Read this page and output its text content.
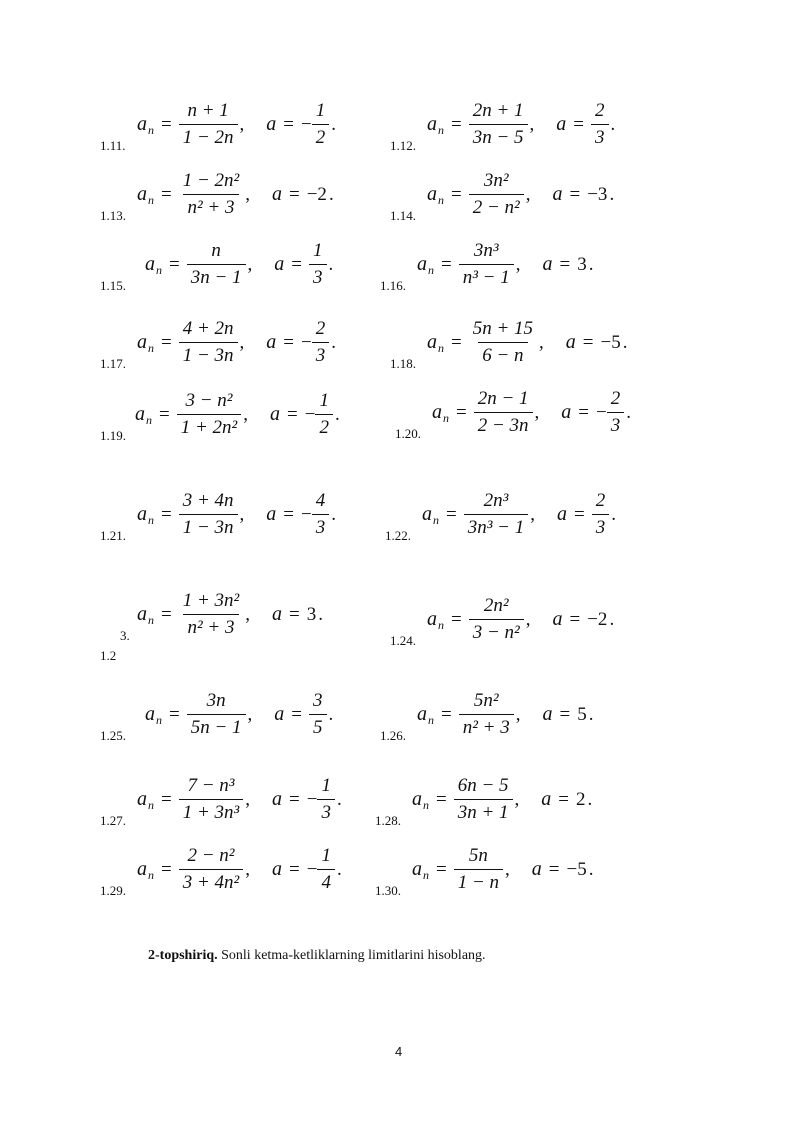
2-topshiriq. Sonli ketma-ketliklarning limitlarini hisoblang.
4
1.11.
a $n = \frac{n + 1}{1 - 2n}$ , a = − $\frac{1}{2}$ .
1.12.
a $n = \frac{2n + 1}{3n - 5}$ , $a = \frac{2}{3}$ .
1.13.
a $n = \frac{\text{1 − 2n²}}{\text{n² + 3}}$ , a = −2 .
1.14.
a $n = \frac{\text{3n²}}{\text{2 − n²}}$ , a = −3 .
1.15.
a $n = \frac{n}{3n - 1}$ , $a = \frac{1}{3}$ .
1.16.
a $n = \frac{\text{3n³}}{\text{n³ − 1}}$ , a = 3 .
1.17.
a $n = \frac{4 + 2n}{1 - 3n}$ , a = − $\frac{2}{3}$ .
1.18.
a $n = \frac{5n + 15}{6 - n}$ , a = −5 .
1.19.
a $n = \frac{\text{3 − n²}}{\text{1 + 2n²}}$ , a = − $\frac{1}{2}$ .
1.20.
a $n = \frac{2n - 1}{2 - 3n}$ , a = − $\frac{2}{3}$ .
1.21.
a $n = \frac{3 + 4n}{1 - 3n}$ , a = − $\frac{4}{3}$ .
1.22.
a $n = \frac{\text{2n³}}{\text{3n³ − 1}}$ , $a = \frac{2}{3}$ .
3.
1.2
a $n = \frac{\text{1 + 3n²}}{\text{n² + 3}}$ , a = 3 .
1.24.
a $n = \frac{\text{2n²}}{\text{3 − n²}}$ , a = −2 .
1.25.
a $n = \frac{3n}{5n - 1}$ , $a = \frac{3}{5}$ .
1.26.
a $n = \frac{\text{5n²}}{\text{n² + 3}}$ , a = 5 .
1.27.
a $n = \frac{\text{7 − n³}}{\text{1 + 3n³}}$ , a = − $\frac{1}{3}$ .
1.28.
a $n = \frac{6n - 5}{3n + 1}$ , a = 2 .
1.29.
a $n = \frac{\text{2 − n²}}{\text{3 + 4n²}}$ , a = − $\frac{1}{4}$ .
1.30.
a $n = \frac{5n}{1 - n}$ , a = −5 .
